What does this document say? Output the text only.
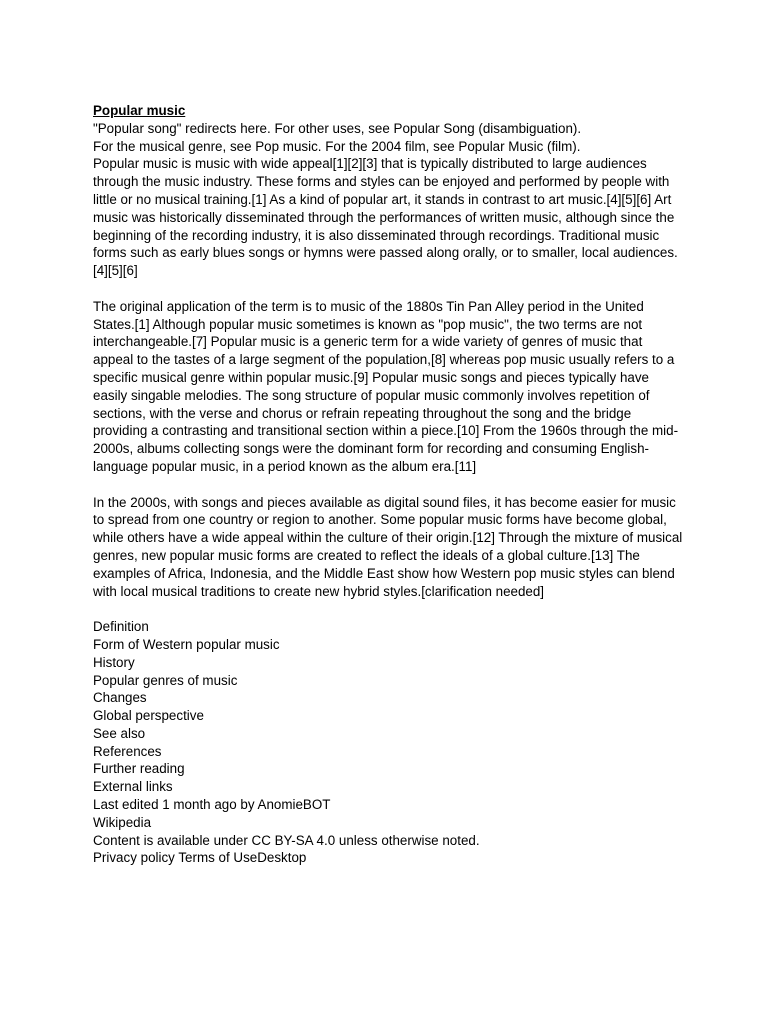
Popular music
"Popular song" redirects here. For other uses, see Popular Song (disambiguation).
For the musical genre, see Pop music. For the 2004 film, see Popular Music (film).
Popular music is music with wide appeal[1][2][3] that is typically distributed to large audiences through the music industry. These forms and styles can be enjoyed and performed by people with little or no musical training.[1] As a kind of popular art, it stands in contrast to art music.[4][5][6] Art music was historically disseminated through the performances of written music, although since the beginning of the recording industry, it is also disseminated through recordings. Traditional music forms such as early blues songs or hymns were passed along orally, or to smaller, local audiences.[4][5][6]
The original application of the term is to music of the 1880s Tin Pan Alley period in the United States.[1] Although popular music sometimes is known as "pop music", the two terms are not interchangeable.[7] Popular music is a generic term for a wide variety of genres of music that appeal to the tastes of a large segment of the population,[8] whereas pop music usually refers to a specific musical genre within popular music.[9] Popular music songs and pieces typically have easily singable melodies. The song structure of popular music commonly involves repetition of sections, with the verse and chorus or refrain repeating throughout the song and the bridge providing a contrasting and transitional section within a piece.[10] From the 1960s through the mid-2000s, albums collecting songs were the dominant form for recording and consuming English-language popular music, in a period known as the album era.[11]
In the 2000s, with songs and pieces available as digital sound files, it has become easier for music to spread from one country or region to another. Some popular music forms have become global, while others have a wide appeal within the culture of their origin.[12] Through the mixture of musical genres, new popular music forms are created to reflect the ideals of a global culture.[13] The examples of Africa, Indonesia, and the Middle East show how Western pop music styles can blend with local musical traditions to create new hybrid styles.[clarification needed]
Definition
Form of Western popular music
History
Popular genres of music
Changes
Global perspective
See also
References
Further reading
External links
Last edited 1 month ago by AnomieBOT
Wikipedia
Content is available under CC BY-SA 4.0 unless otherwise noted.
Privacy policy Terms of UseDesktop
